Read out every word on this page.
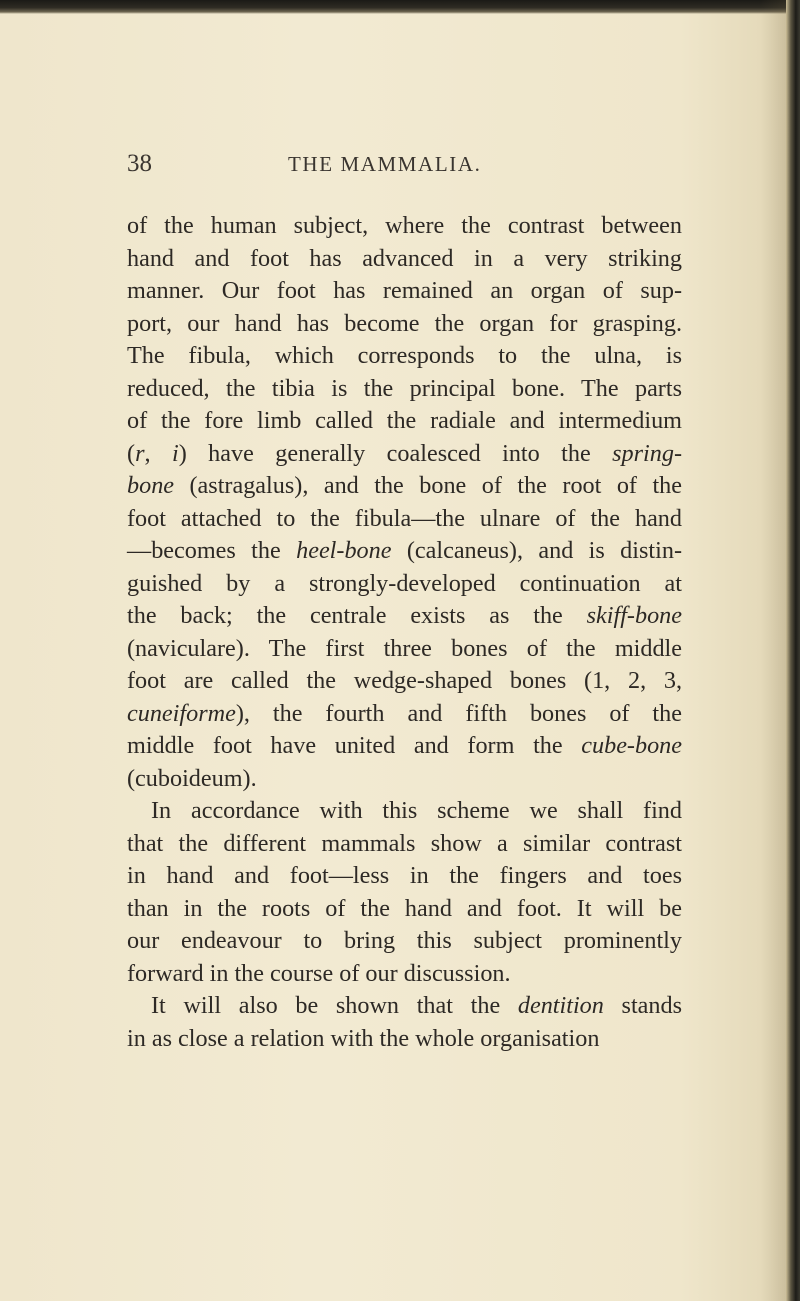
38	THE MAMMALIA.
of the human subject, where the contrast between
hand and foot has advanced in a very striking
manner. Our foot has remained an organ of sup-
port, our hand has become the organ for grasping.
The fibula, which corresponds to the ulna, is
reduced, the tibia is the principal bone. The parts
of the fore limb called the radiale and intermedium
(r, i) have generally coalesced into the spring-
bone (astragalus), and the bone of the root of the
foot attached to the fibula—the ulnare of the hand
—becomes the heel-bone (calcaneus), and is distin-
guished by a strongly-developed continuation at
the back; the centrale exists as the skiff-bone
(naviculare). The first three bones of the middle
foot are called the wedge-shaped bones (1, 2, 3,
cuneiforme), the fourth and fifth bones of the
middle foot have united and form the cube-bone
(cuboideum).
In accordance with this scheme we shall find
that the different mammals show a similar contrast
in hand and foot—less in the fingers and toes
than in the roots of the hand and foot. It will be
our endeavour to bring this subject prominently
forward in the course of our discussion.
It will also be shown that the dentition stands
in as close a relation with the whole organisation
